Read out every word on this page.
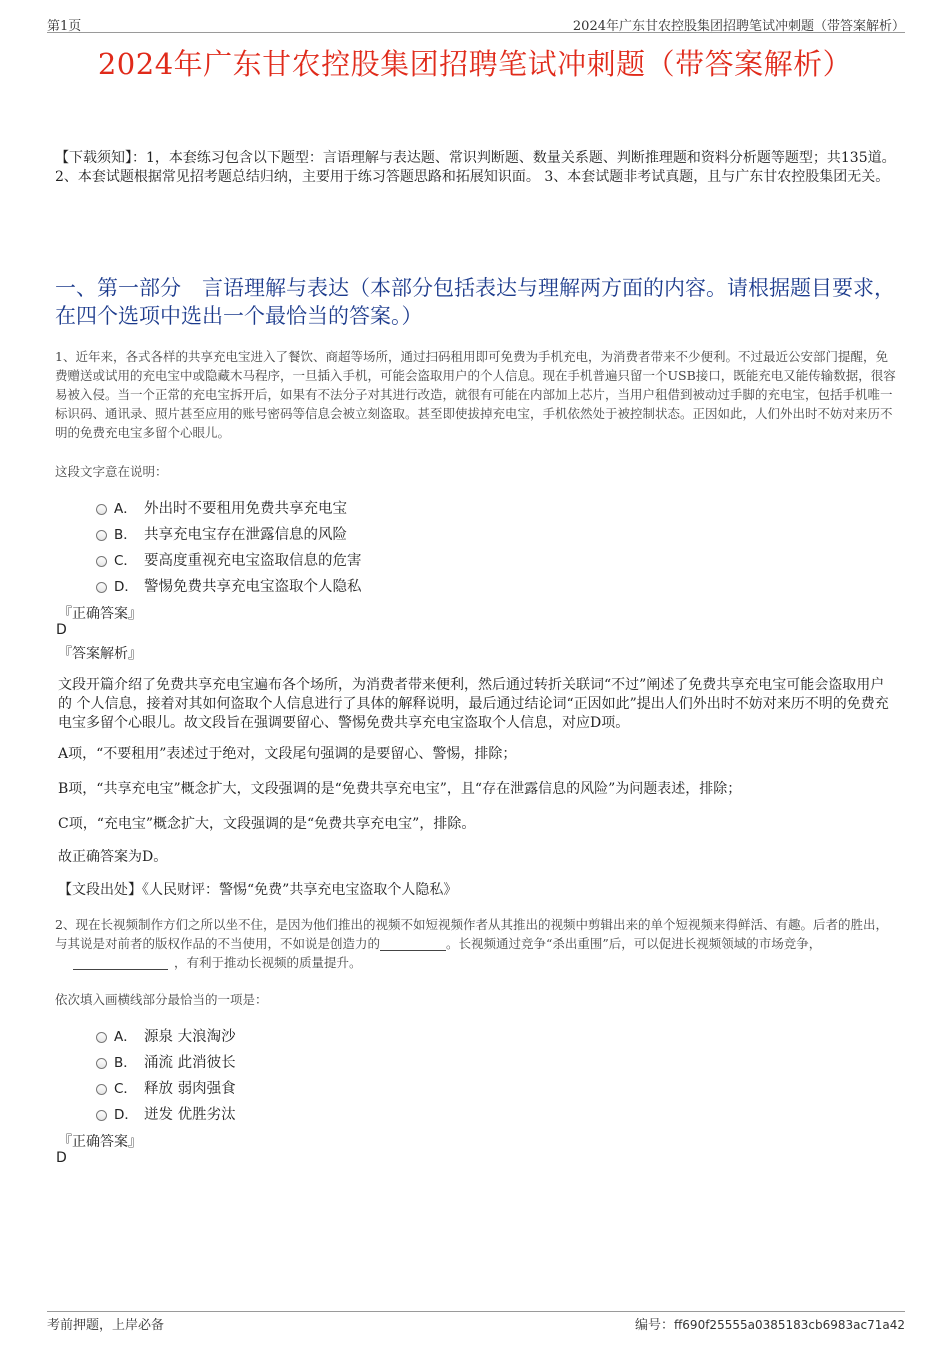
第1页	2024年广东甘农控股集团招聘笔试冲刺题（带答案解析）
2024年广东甘农控股集团招聘笔试冲刺题（带答案解析）
【下载须知】：1，本套练习包含以下题型：言语理解与表达题、常识判断题、数量关系题、判断推理题和资料分析题等题型；共135道。 2、本套试题根据常见招考题总结归纳，主要用于练习答题思路和拓展知识面。 3、本套试题非考试真题，且与广东甘农控股集团无关。
一、第一部分　言语理解与表达（本部分包括表达与理解两方面的内容。请根据题目要求，在四个选项中选出一个最恰当的答案。）
1、近年来，各式各样的共享充电宝进入了餐饮、商超等场所，通过扫码租用即可免费为手机充电，为消费者带来不少便利。不过最近公安部门提醒，免费赠送或试用的充电宝中或隐藏木马程序，一旦插入手机，可能会盗取用户的个人信息。现在手机普遍只留一个USB接口，既能充电又能传输数据，很容易被入侵。当一个正常的充电宝拆开后，如果有不法分子对其进行改造，就很有可能在内部加上芯片，当用户租借到被动过手脚的充电宝，包括手机唯一标识码、通讯录、照片甚至应用的账号密码等信息会被立刻盗取。甚至即使拔掉充电宝，手机依然处于被控制状态。正因如此，人们外出时不妨对来历不明的免费充电宝多留个心眼儿。
这段文字意在说明：
A． 外出时不要租用免费共享充电宝
B． 共享充电宝存在泄露信息的风险
C． 要高度重视充电宝盗取信息的危害
D． 警惕免费共享充电宝盗取个人隐私
『正确答案』
D
『答案解析』
文段开篇介绍了免费共享充电宝遍布各个场所，为消费者带来便利，然后通过转折关联词“不过”阐述了免费共享充电宝可能会盗取用户 的 个人信息，接着对其如何盗取个人信息进行了具体的解释说明，最后通过结论词“正因如此”提出人们外出时不妨对来历不明的免费充电宝多留个心眼儿。故文段旨在强调要留心、警惕免费共享充电宝盗取个人信息，对应D项。
A项，“不要租用”表述过于绝对，文段尾句强调的是要留心、警惕，排除；
B项，“共享充电宝”概念扩大，文段强调的是“免费共享充电宝”，且“存在泄露信息的风险”为问题表述，排除；
C项，“充电宝”概念扩大，文段强调的是“免费共享充电宝”，排除。
故正确答案为D。
【文段出处】《人民财评：警惕“免费”共享充电宝盗取个人隐私》
2、现在长视频制作方们之所以坐不住，是因为他们推出的视频不如短视频作者从其推出的视频中剪辑出来的单个短视频来得鲜活、有趣。后者的胜出，与其说是对前者的版权作品的不当使用，不如说是创造力的	。长视频通过竞争“杀出重围”后，可以促进长视频领域的市场竞争，，有利于推动长视频的质量提升。
依次填入画横线部分最恰当的一项是：
A． 源泉 大浪淘沙
B． 涌流 此消彼长
C． 释放 弱肉强食
D． 迸发 优胜劣汰
『正确答案』
D
考前押题，上岸必备	编号：ff690f25555a0385183cb6983ac71a42
